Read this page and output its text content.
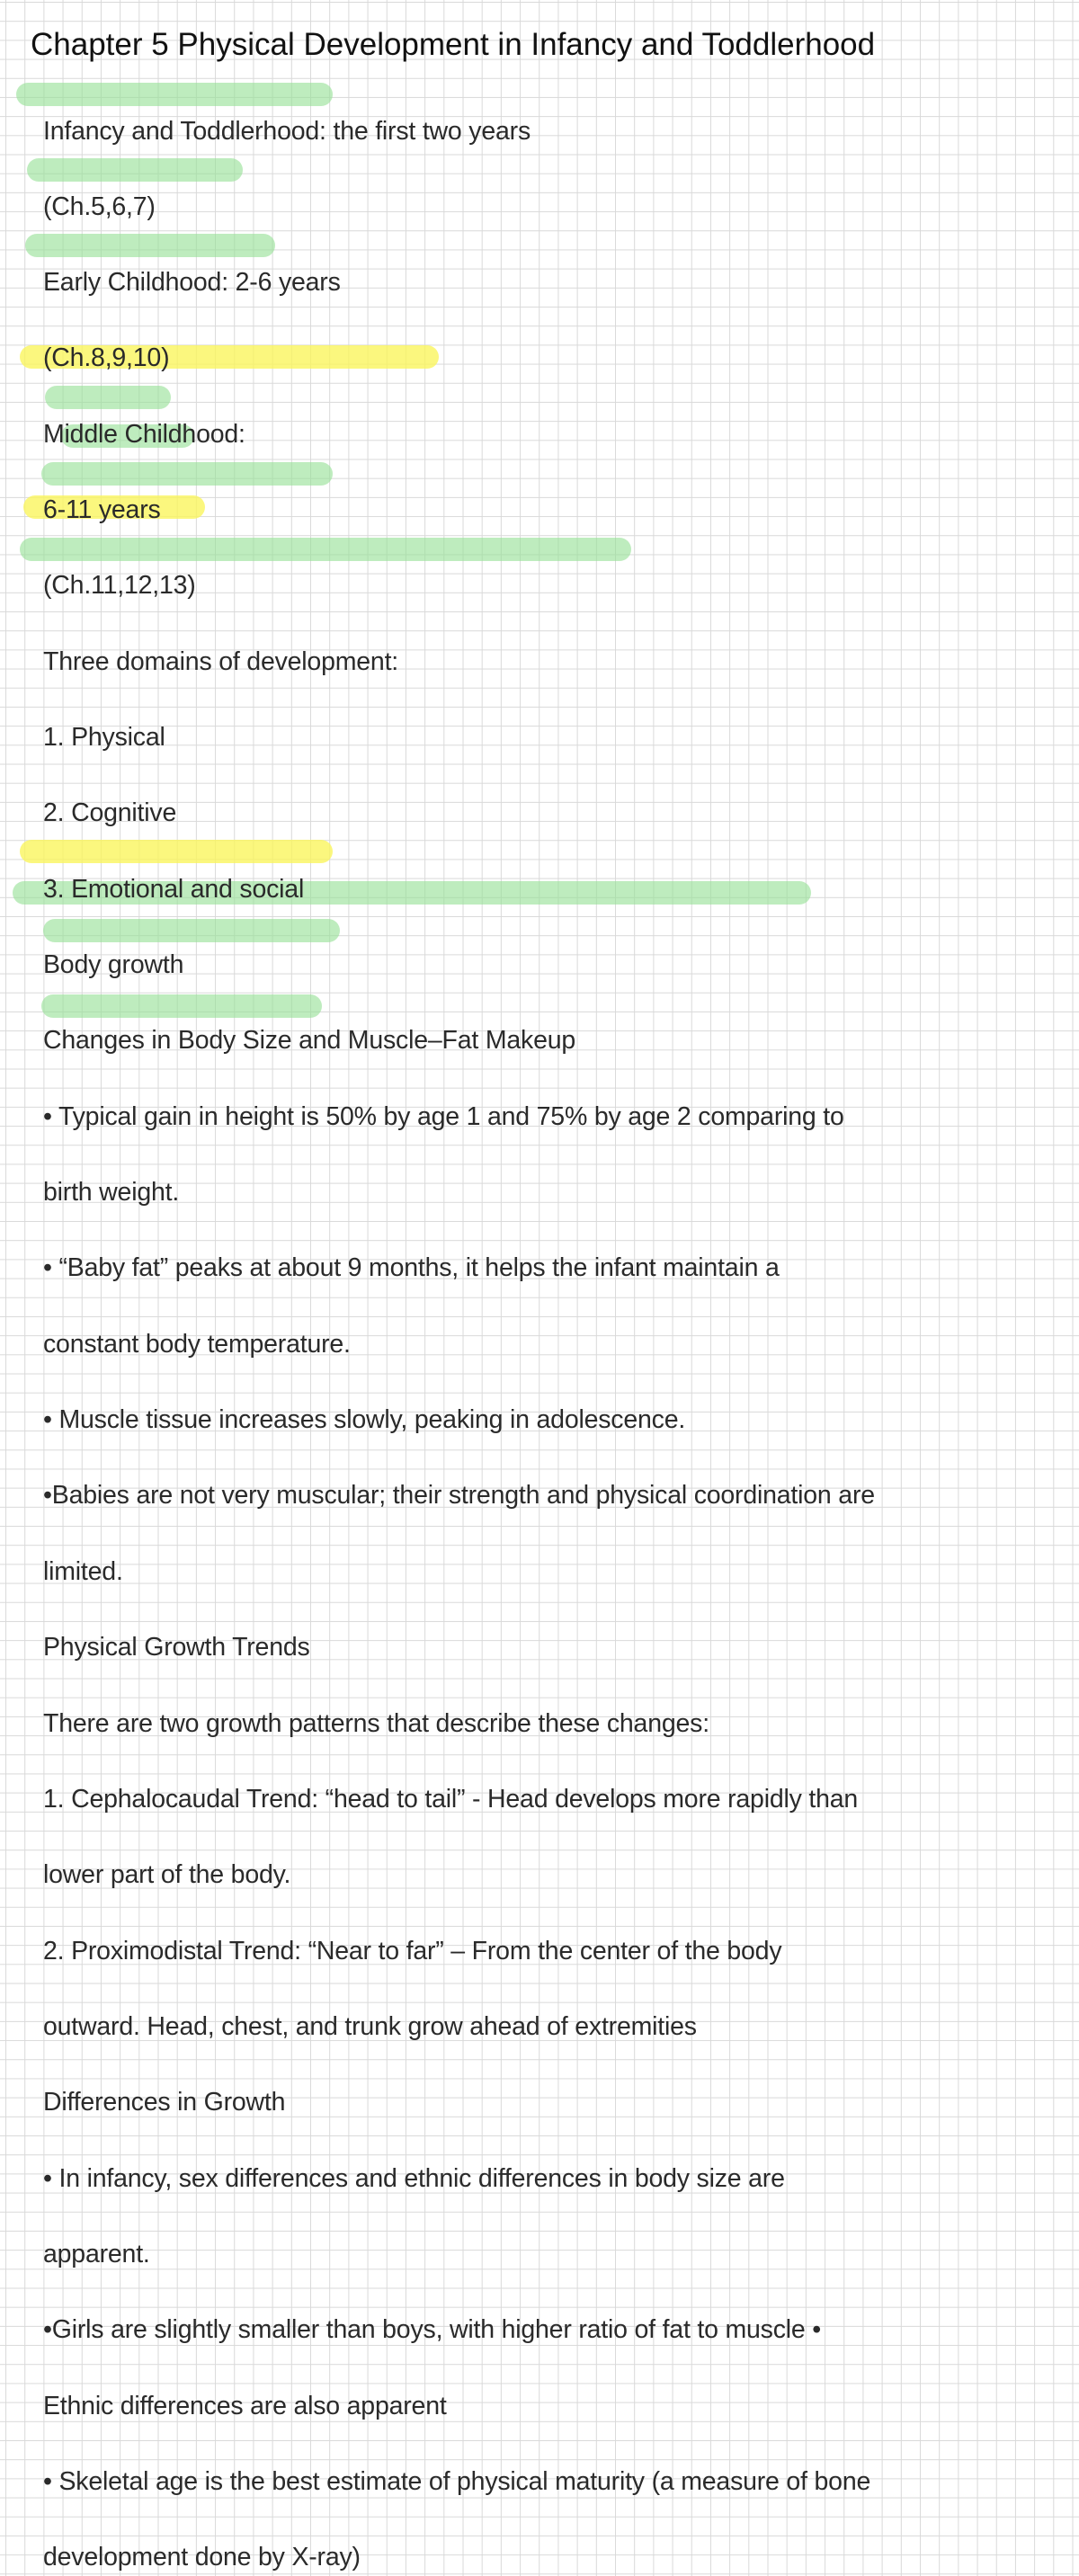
Chapter 5 Physical Development in Infancy and Toddlerhood
Infancy and Toddlerhood: the first two years
(Ch.5,6,7)
Early Childhood: 2-6 years
(Ch.8,9,10)
Middle Childhood:
6-11 years
(Ch.11,12,13)
Three domains of development:
1. Physical
2. Cognitive
3. Emotional and social
Body growth
Changes in Body Size and Muscle–Fat Makeup
• Typical gain in height is 50% by age 1 and 75% by age 2 comparing to
birth weight.
• “Baby fat” peaks at about 9 months, it helps the infant maintain a
constant body temperature.
• Muscle tissue increases slowly, peaking in adolescence.
•Babies are not very muscular; their strength and physical coordination are
limited.
Physical Growth Trends
There are two growth patterns that describe these changes:
1. Cephalocaudal Trend: “head to tail” - Head develops more rapidly than
lower part of the body.
2. Proximodistal Trend: “Near to far” – From the center of the body
outward. Head, chest, and trunk grow ahead of extremities
Differences in Growth
• In infancy, sex differences and ethnic differences in body size are
apparent.
•Girls are slightly smaller than boys, with higher ratio of fat to muscle •
Ethnic differences are also apparent
• Skeletal age is the best estimate of physical maturity (a measure of bone
development done by X-ray)
